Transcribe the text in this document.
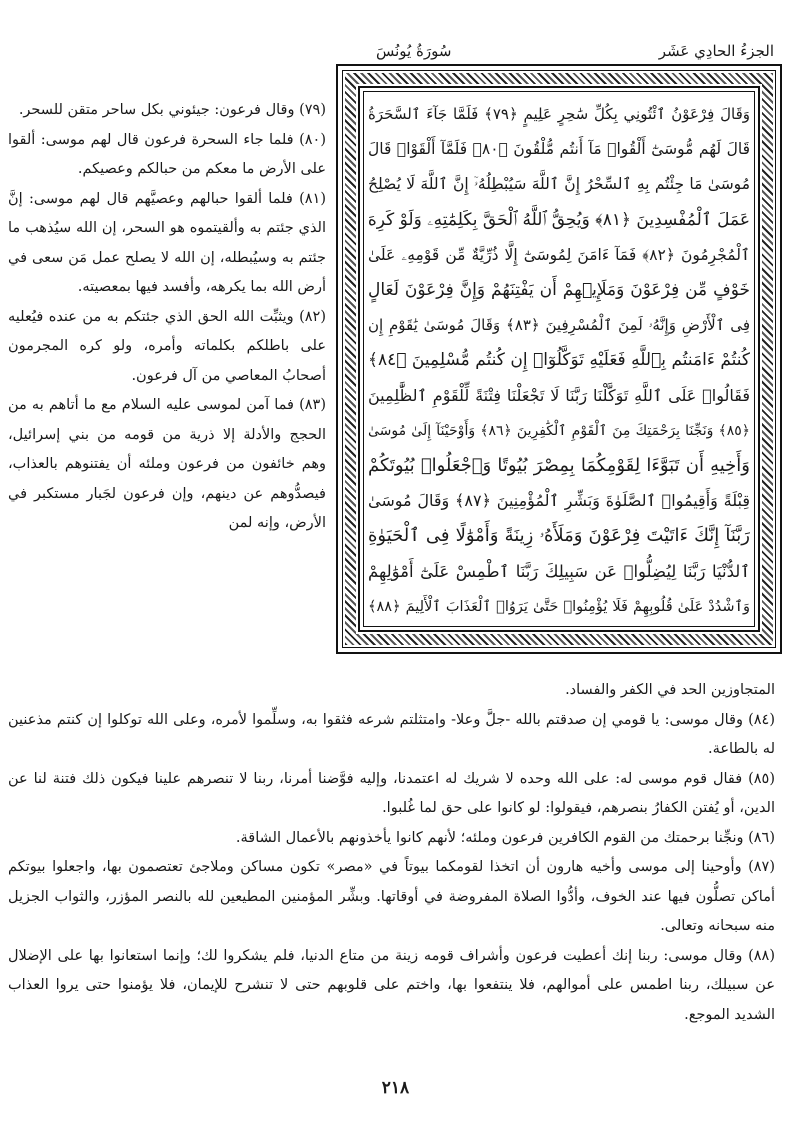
الجزءُ الحادِي عَشَر
سُورَةُ يُونُسَ
وَقَالَ فِرْعَوْنُ ٱئْتُونِي بِكُلِّ سَٰحِرٍ عَلِيمٍ ﴿٧٩﴾ فَلَمَّا جَآءَ ٱلسَّحَرَةُ
قَالَ لَهُم مُّوسَىٰٓ أَلْقُوا۟ مَآ أَنتُم مُّلْقُونَ ﴿٨٠﴾ فَلَمَّآ أَلْقَوْا۟ قَالَ
مُوسَىٰ مَا جِئْتُم بِهِ ٱلسِّحْرُ إِنَّ ٱللَّهَ سَيُبْطِلُهُۥٓ إِنَّ ٱللَّهَ لَا يُصْلِحُ
عَمَلَ ٱلْمُفْسِدِينَ ﴿٨١﴾ وَيُحِقُّ ٱللَّهُ ٱلْحَقَّ بِكَلِمَٰتِهِۦ وَلَوْ كَرِهَ
ٱلْمُجْرِمُونَ ﴿٨٢﴾ فَمَآ ءَامَنَ لِمُوسَىٰٓ إِلَّا ذُرِّيَّةٌ مِّن قَوْمِهِۦ عَلَىٰ
خَوْفٍ مِّن فِرْعَوْنَ وَمَلَإِي۟هِمْ أَن يَفْتِنَهُمْ وَإِنَّ فِرْعَوْنَ لَعَالٍ
فِى ٱلْأَرْضِ وَإِنَّهُۥ لَمِنَ ٱلْمُسْرِفِينَ ﴿٨٣﴾ وَقَالَ مُوسَىٰ يَٰقَوْمِ إِن
كُنتُمْ ءَامَنتُم بِٱللَّهِ فَعَلَيْهِ تَوَكَّلُوٓا۟ إِن كُنتُم مُّسْلِمِينَ ﴿٨٤﴾
فَقَالُوا۟ عَلَى ٱللَّهِ تَوَكَّلْنَا رَبَّنَا لَا تَجْعَلْنَا فِتْنَةً لِّلْقَوْمِ ٱلظَّٰلِمِينَ
﴿٨٥﴾ وَنَجِّنَا بِرَحْمَتِكَ مِنَ ٱلْقَوْمِ ٱلْكَٰفِرِينَ ﴿٨٦﴾ وَأَوْحَيْنَآ إِلَىٰ مُوسَىٰ
وَأَخِيهِ أَن تَبَوَّءَا لِقَوْمِكُمَا بِمِصْرَ بُيُوتًا وَٱجْعَلُوا۟ بُيُوتَكُمْ
قِبْلَةً وَأَقِيمُوا۟ ٱلصَّلَوٰةَ وَبَشِّرِ ٱلْمُؤْمِنِينَ ﴿٨٧﴾ وَقَالَ مُوسَىٰ
رَبَّنَآ إِنَّكَ ءَاتَيْتَ فِرْعَوْنَ وَمَلَأَهُۥ زِينَةً وَأَمْوَٰلًا فِى ٱلْحَيَوٰةِ
ٱلدُّنْيَا رَبَّنَا لِيُضِلُّوا۟ عَن سَبِيلِكَ رَبَّنَا ٱطْمِسْ عَلَىٰٓ أَمْوَٰلِهِمْ
وَٱشْدُدْ عَلَىٰ قُلُوبِهِمْ فَلَا يُؤْمِنُوا۟ حَتَّىٰ يَرَوُا۟ ٱلْعَذَابَ ٱلْأَلِيمَ ﴿٨٨﴾

(٧٩) وقال فرعون: جيئوني بكل ساحر متقن للسحر.

(٨٠) فلما جاء السحرة فرعون قال لهم موسى: ألقوا على الأرض ما معكم من حبالكم وعصيكم.

(٨١) فلما ألقوا حبالهم وعصيَّهم قال لهم موسى: إنَّ الذي جئتم به وألقيتموه هو السحر، إن الله سيُذهب ما جئتم به وسيُبطله، إن الله لا يصلح عمل مَن سعى في أرض الله بما يكرهه، وأفسد فيها بمعصيته.

(٨٢) ويثبِّت الله الحق الذي جئتكم به من عنده فيُعليه على باطلكم بكلماته وأمره، ولو كره المجرمون أصحابُ المعاصي من آل فرعون.

(٨٣) فما آمن لموسى عليه السلام مع ما أتاهم به من الحجج والأدلة إلا ذرية من قومه من بني إسرائيل، وهم خائفون من فرعون وملئه أن يفتنوهم بالعذاب، فيصدُّوهم عن دينهم، وإن فرعون لجَبار مستكبر في الأرض، وإنه لمن

المتجاوزين الحد في الكفر والفساد.

(٨٤) وقال موسى: يا قومي إن صدقتم بالله -جلَّ وعلا- وامتثلتم شرعه فثقوا به، وسلِّموا لأمره، وعلى الله توكلوا إن كنتم مذعنين له بالطاعة.

(٨٥) فقال قوم موسى له: على الله وحده لا شريك له اعتمدنا، وإليه فوَّضنا أمرنا، ربنا لا تنصرهم علينا فيكون ذلك فتنة لنا عن الدين، أو يُفتن الكفارُ بنصرهم، فيقولوا: لو كانوا على حق لما غُلبوا.

(٨٦) ونجِّنا برحمتك من القوم الكافرين فرعون وملئه؛ لأنهم كانوا يأخذونهم بالأعمال الشاقة.

(٨٧) وأوحينا إلى موسى وأخيه هارون أن اتخذا لقومكما بيوتاً في «مصر» تكون مساكن وملاجئ تعتصمون بها، واجعلوا بيوتكم أماكن تصلُّون فيها عند الخوف، وأدُّوا الصلاة المفروضة في أوقاتها. وبشِّر المؤمنين المطيعين لله بالنصر المؤزر، والثواب الجزيل منه سبحانه وتعالى.

(٨٨) وقال موسى: ربنا إنك أعطيت فرعون وأشراف قومه زينة من متاع الدنيا، فلم يشكروا لك؛ وإنما استعانوا بها على الإضلال عن سبيلك، ربنا اطمس على أموالهم، فلا ينتفعوا بها، واختم على قلوبهم حتى لا تنشرح للإيمان، فلا يؤمنوا حتى يروا العذاب الشديد الموجع.

٢١٨
